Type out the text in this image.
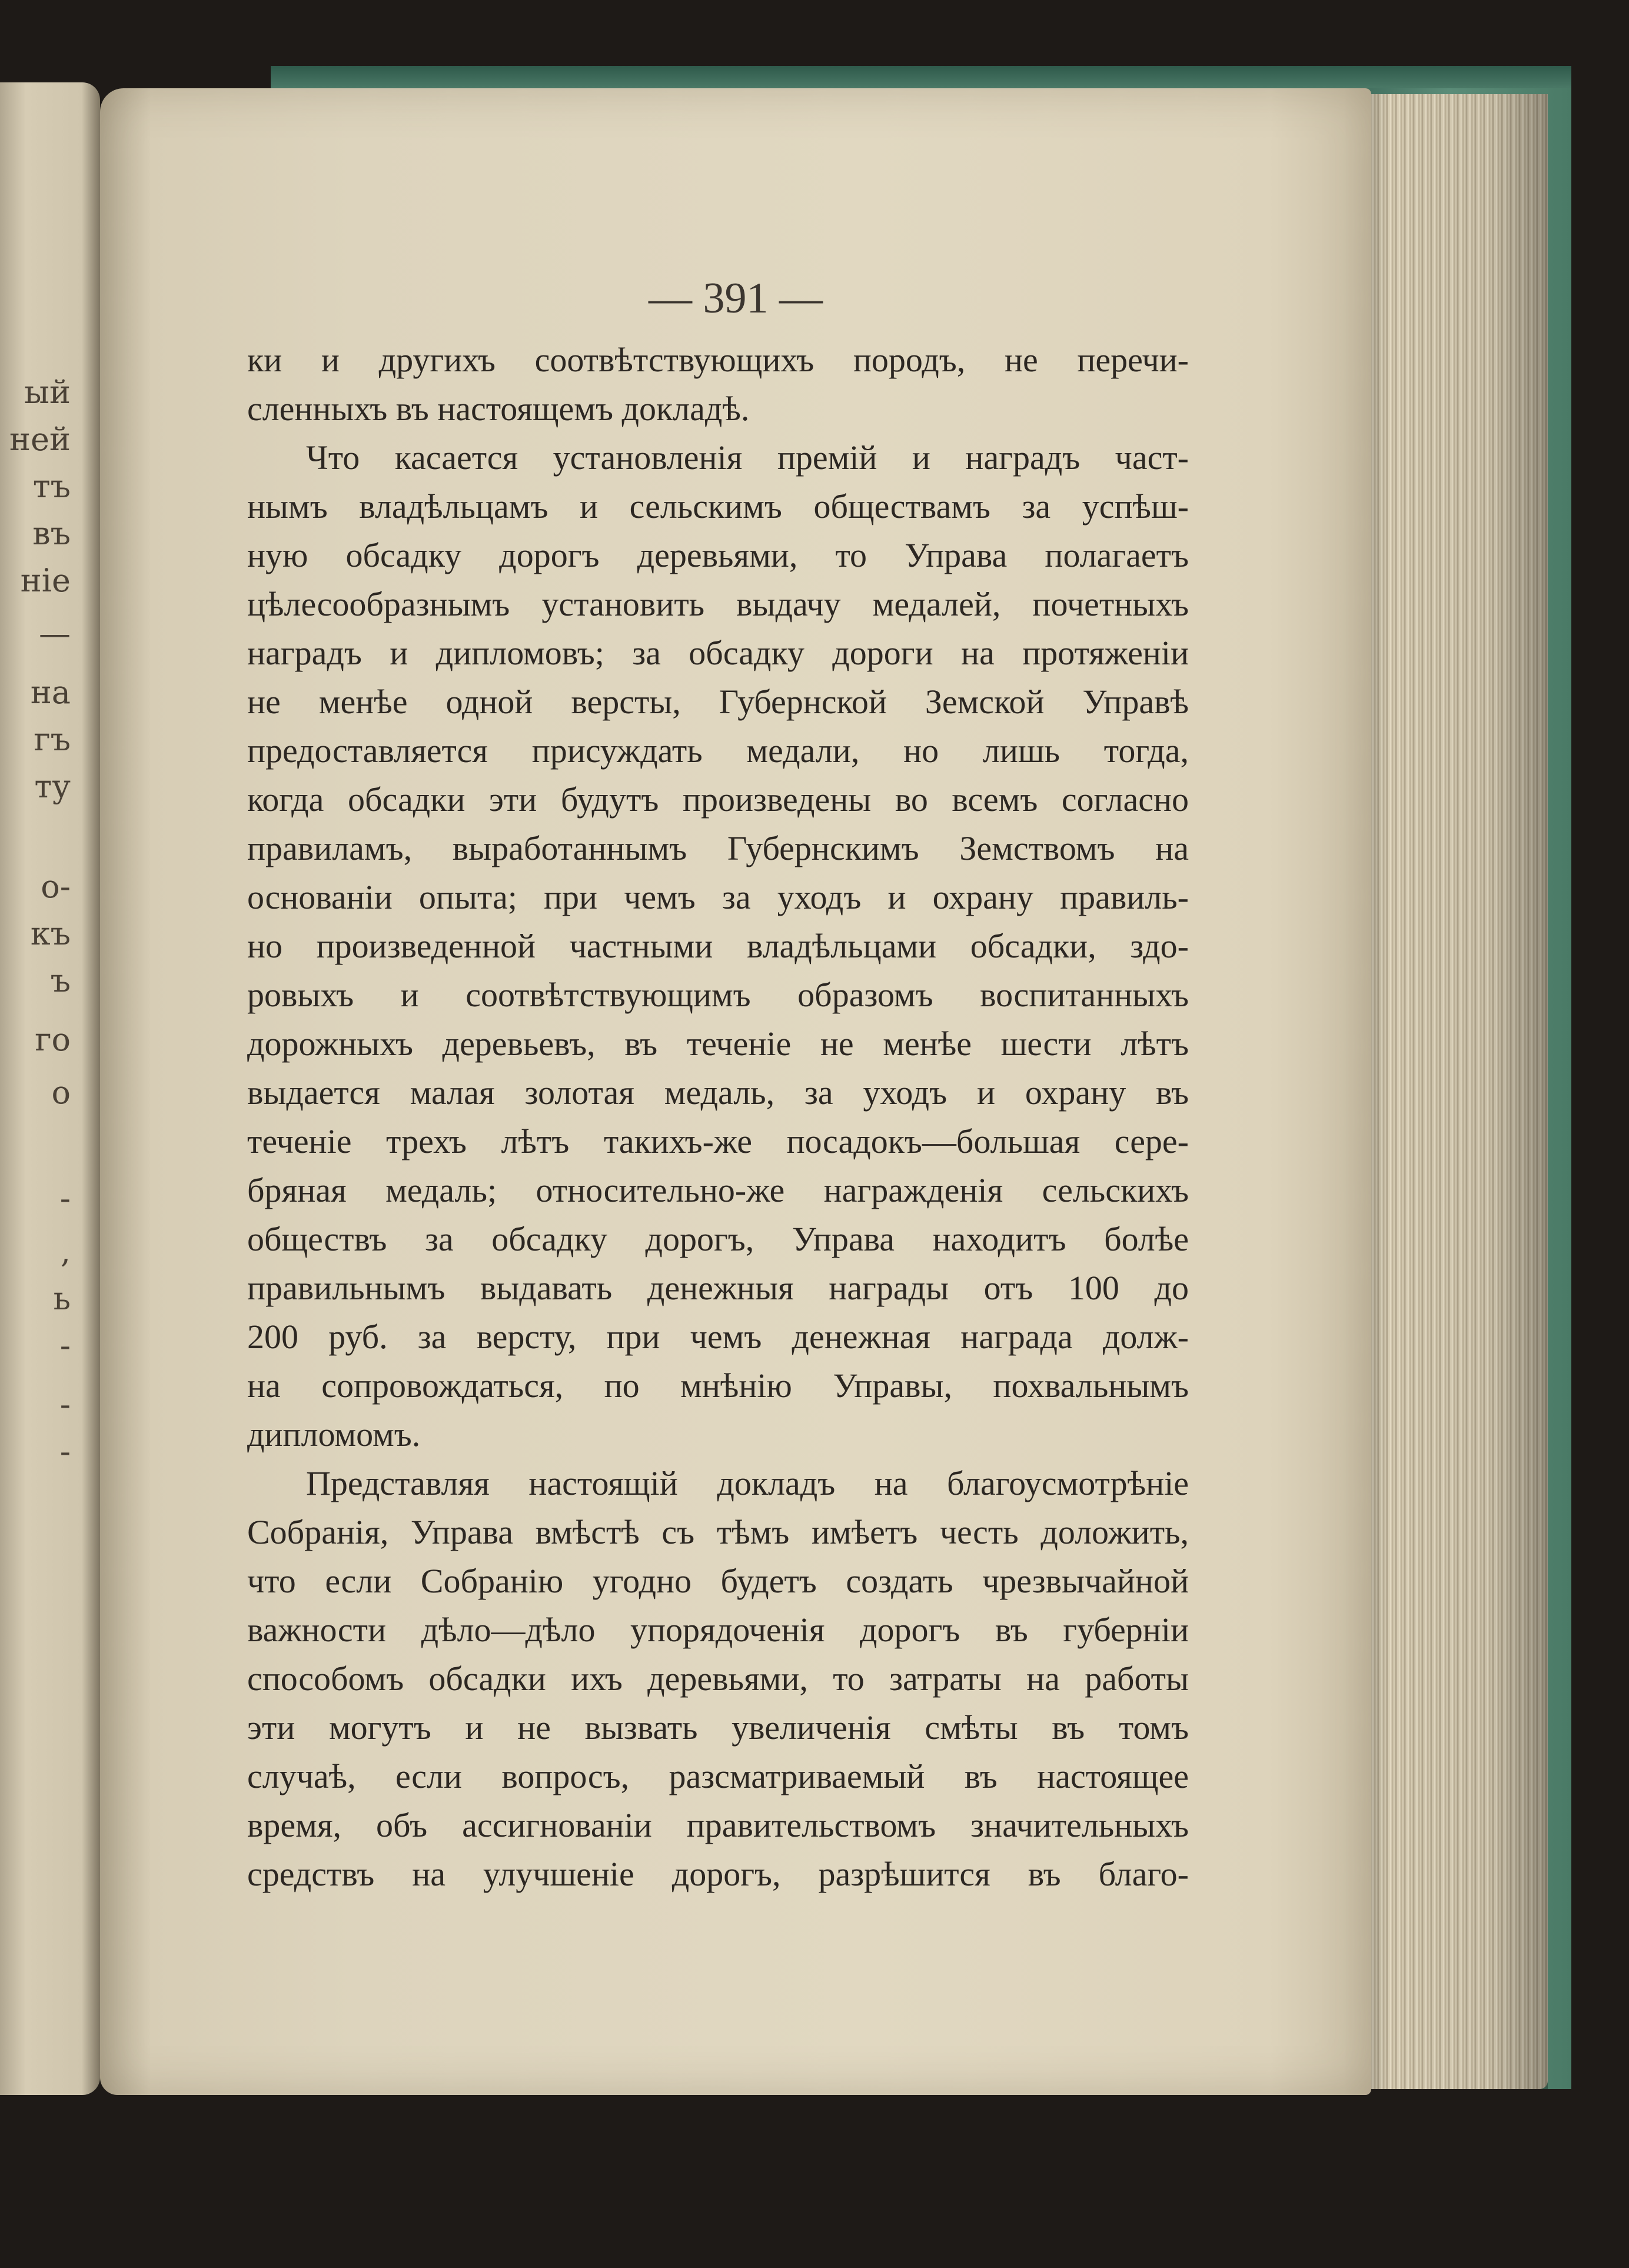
ый
ней
тъ
въ
ніе
—
на
гъ
ту
о-
къ
ъ
го
о
-
,
ь
-
-
-
— 391 —
ки и другихъ соотвѣтствующихъ породъ, не перечи-
сленныхъ въ настоящемъ докладѣ.
Что касается установленія премій и наградъ част-
нымъ владѣльцамъ и сельскимъ обществамъ за успѣш-
ную обсадку дорогъ деревьями, то Управа полагаетъ
цѣлесообразнымъ установить выдачу медалей, почетныхъ
наградъ и дипломовъ; за обсадку дороги на протяженіи
не менѣе одной версты, Губернской Земской Управѣ
предоставляется присуждать медали, но лишь тогда,
когда обсадки эти будутъ произведены во всемъ согласно
правиламъ, выработаннымъ Губернскимъ Земствомъ на
основаніи опыта; при чемъ за уходъ и охрану правиль-
но произведенной частными владѣльцами обсадки, здо-
ровыхъ и соотвѣтствующимъ образомъ воспитанныхъ
дорожныхъ деревьевъ, въ теченіе не менѣе шести лѣтъ
выдается малая золотая медаль, за уходъ и охрану въ
теченіе трехъ лѣтъ такихъ-же посадокъ—большая сере-
бряная медаль; относительно-же награжденія сельскихъ
обществъ за обсадку дорогъ, Управа находитъ болѣе
правильнымъ выдавать денежныя награды отъ 100 до
200 руб. за версту, при чемъ денежная награда долж-
на сопровождаться, по мнѣнію Управы, похвальнымъ
дипломомъ.
Представляя настоящій докладъ на благоусмотрѣніе
Собранія, Управа вмѣстѣ съ тѣмъ имѣетъ честь доложить,
что если Собранію угодно будетъ создать чрезвычайной
важности дѣло—дѣло упорядоченія дорогъ въ губерніи
способомъ обсадки ихъ деревьями, то затраты на работы
эти могутъ и не вызвать увеличенія смѣты въ томъ
случаѣ, если вопросъ, разсматриваемый въ настоящее
время, объ ассигнованіи правительствомъ значительныхъ
средствъ на улучшеніе дорогъ, разрѣшится въ благо-
